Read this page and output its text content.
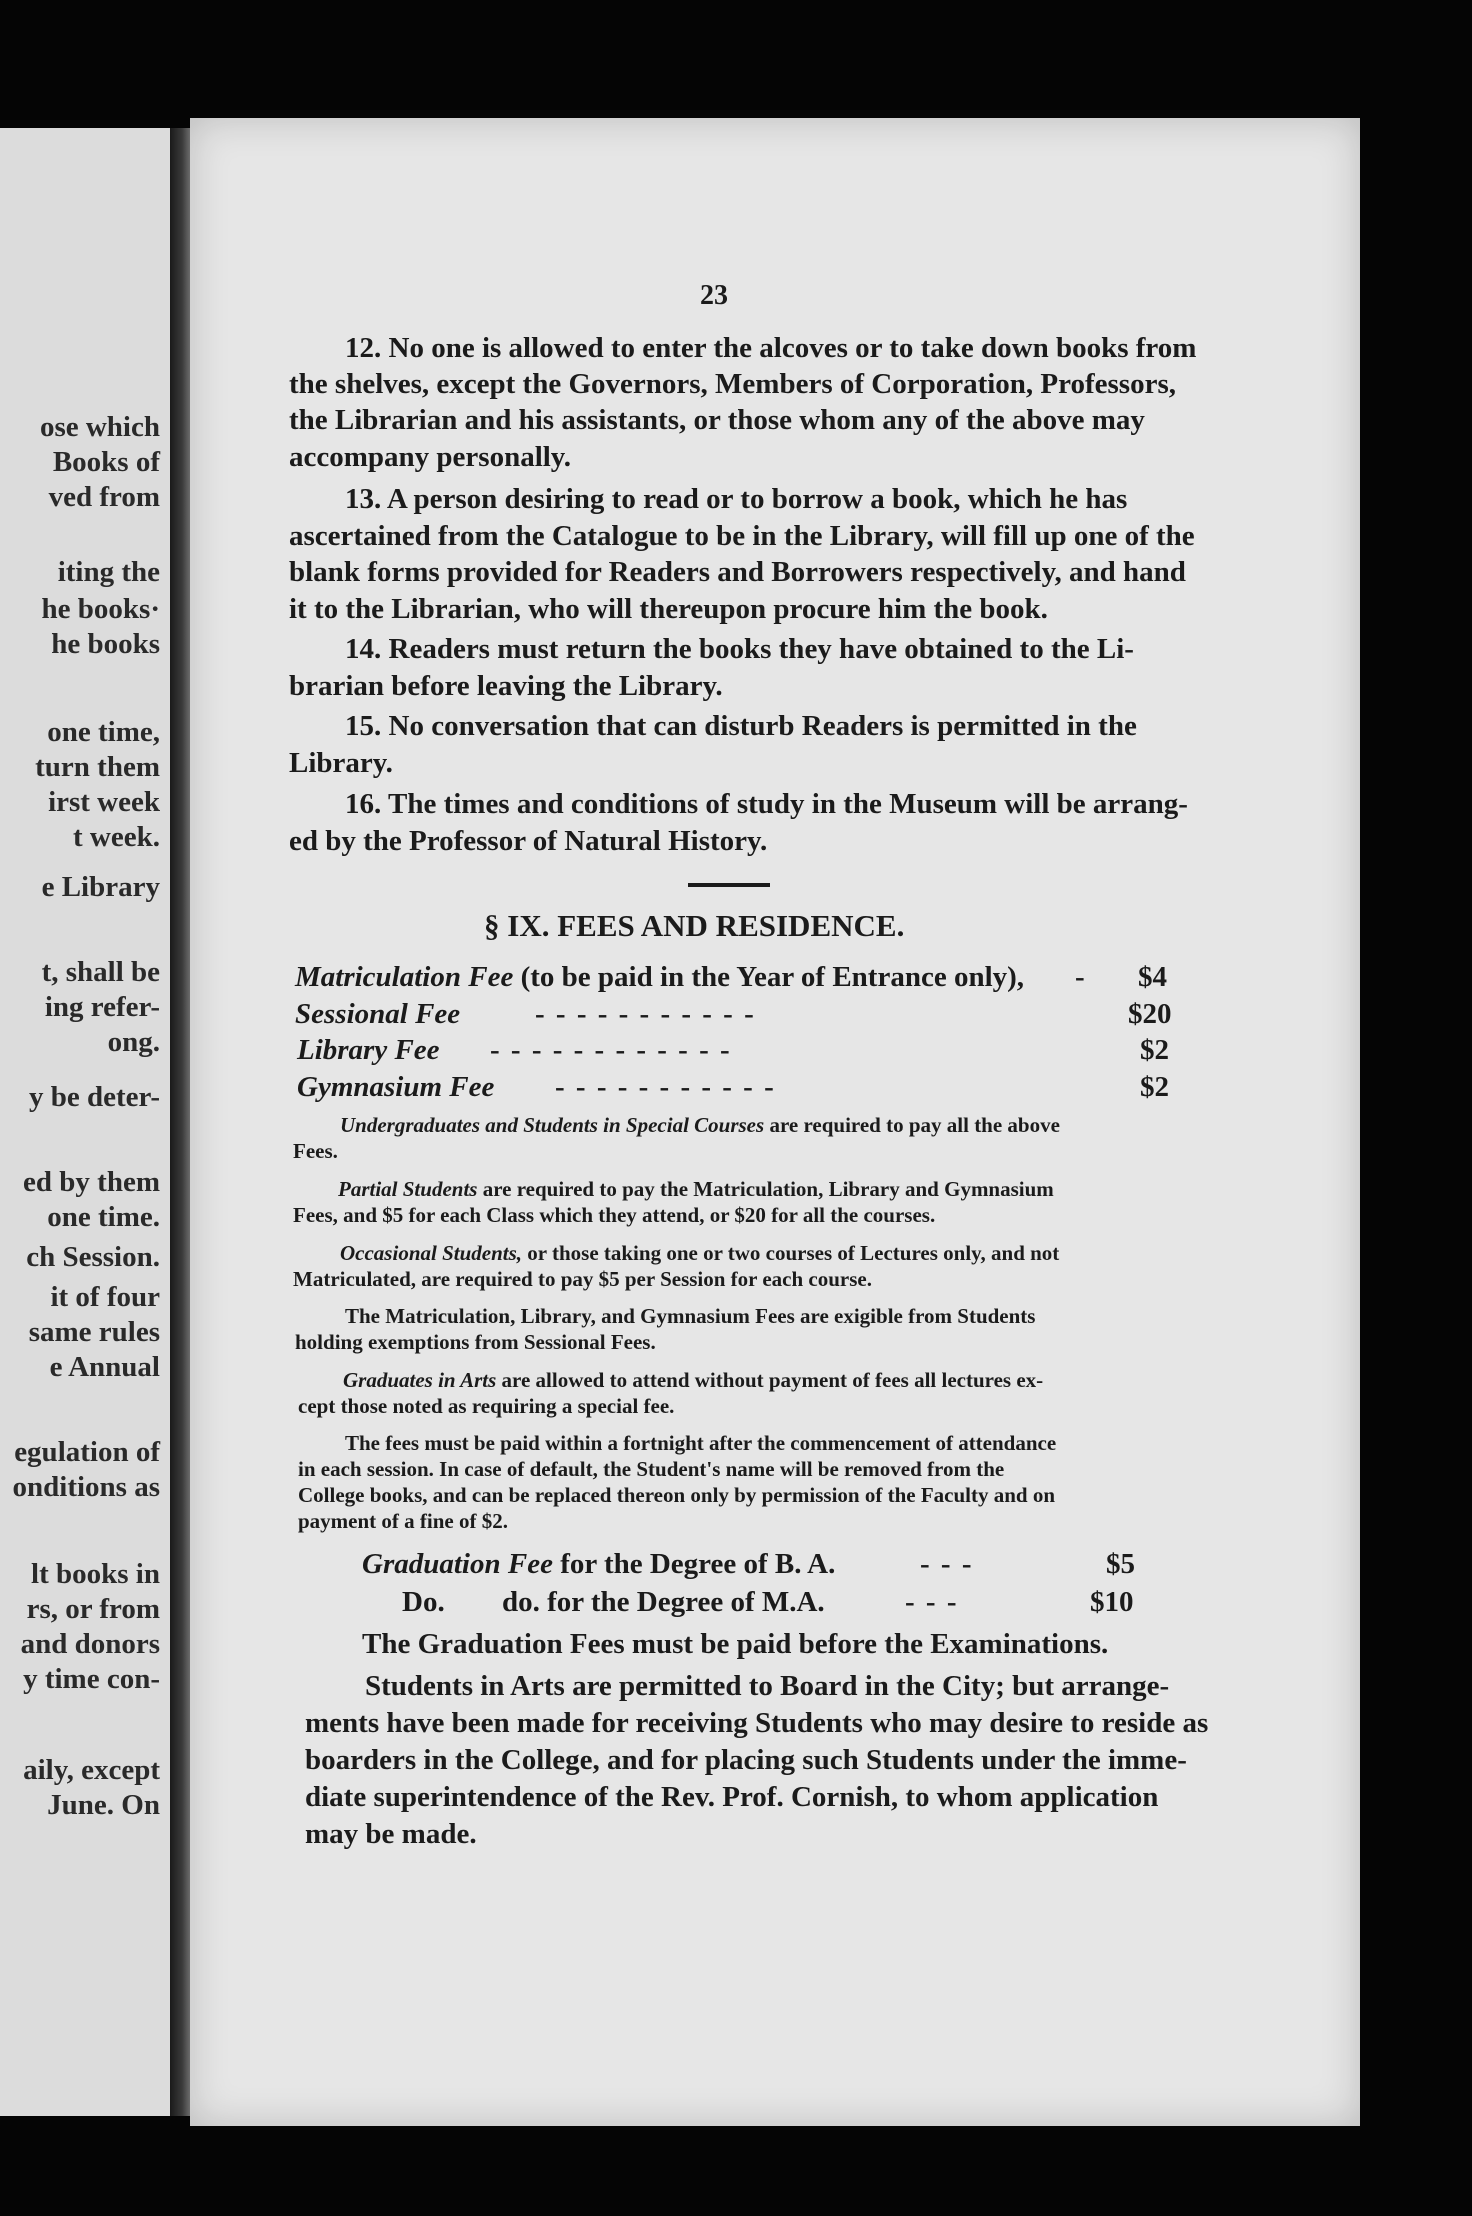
ose which
Books of
ved from
iting the
he books·
he books
one time,
turn them
irst week
t week.
e Library
t, shall be
ing refer-
ong.
y be deter-
ed by them
one time.
ch Session.
it of four
same rules
e Annual
egulation of
onditions as
lt books in
rs, or from
and donors
y time con-
aily, except
June. On
23
12. No one is allowed to enter the alcoves or to take down books from
the shelves, except the Governors, Members of Corporation, Professors,
the Librarian and his assistants, or those whom any of the above may
accompany personally.
13. A person desiring to read or to borrow a book, which he has
ascertained from the Catalogue to be in the Library, will fill up one of the
blank forms provided for Readers and Borrowers respectively, and hand
it to the Librarian, who will thereupon procure him the book.
14. Readers must return the books they have obtained to the Li-
brarian before leaving the Library.
15. No conversation that can disturb Readers is permitted in the
Library.
16. The times and conditions of study in the Museum will be arrang-
ed by the Professor of Natural History.
§ IX. FEES AND RESIDENCE.
Matriculation Fee (to be paid in the Year of Entrance only), - $4
Sessional Fee	- - - - - - - - - - -	$20
Library Fee - - - - - - - - - - - -	$2
Gymnasium Fee - - - - - - - - - - -	$2
Undergraduates and Students in Special Courses are required to pay all the above
Fees.
Partial Students are required to pay the Matriculation, Library and Gymnasium
Fees, and $5 for each Class which they attend, or $20 for all the courses.
Occasional Students, or those taking one or two courses of Lectures only, and not
Matriculated, are required to pay $5 per Session for each course.
The Matriculation, Library, and Gymnasium Fees are exigible from Students
holding exemptions from Sessional Fees.
Graduates in Arts are allowed to attend without payment of fees all lectures ex-
cept those noted as requiring a special fee.
The fees must be paid within a fortnight after the commencement of attendance
in each session. In case of default, the Student's name will be removed from the
College books, and can be replaced thereon only by permission of the Faculty and on
payment of a fine of $2.
Graduation Fee for the Degree of B. A.	- - -	$5
Do. do. for the Degree of M.A.	- - -	$10
The Graduation Fees must be paid before the Examinations.
Students in Arts are permitted to Board in the City; but arrange-
ments have been made for receiving Students who may desire to reside as
boarders in the College, and for placing such Students under the imme-
diate superintendence of the Rev. Prof. Cornish, to whom application
may be made.
